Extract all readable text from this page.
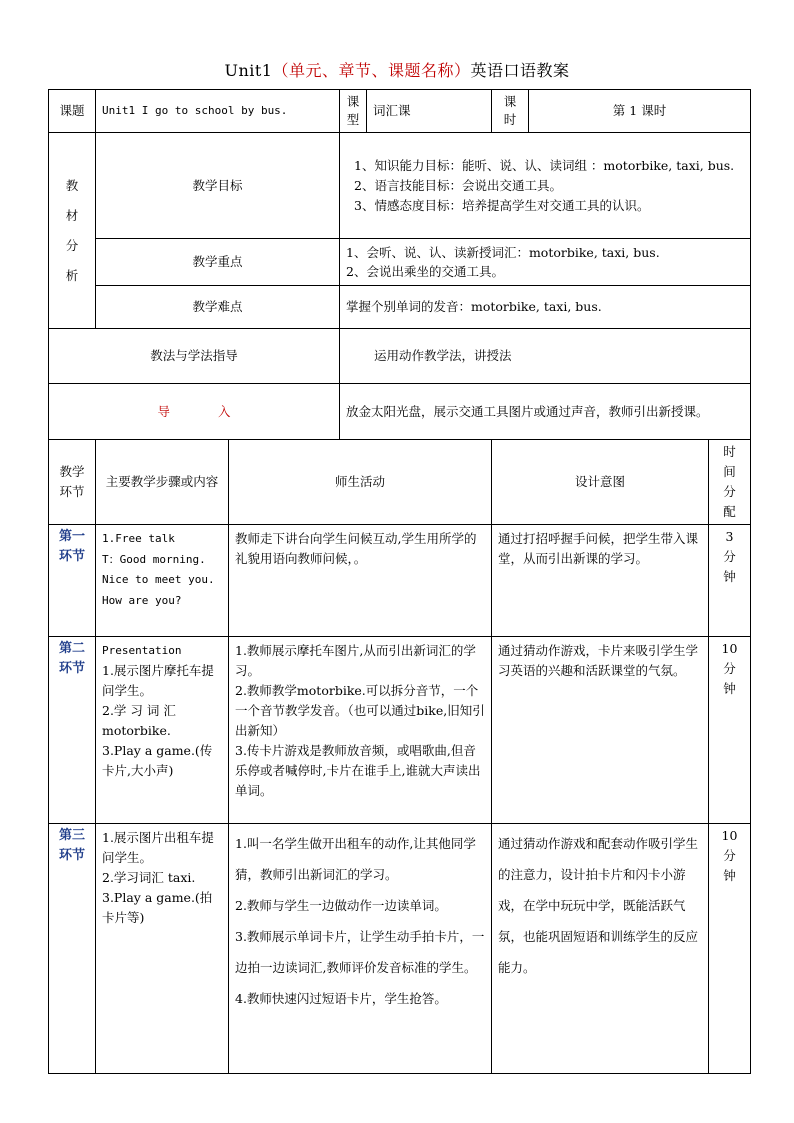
Unit1（单元、章节、课题名称）英语口语教案
课题	Unit1 I go to school by bus.		课型	词汇课	课时	第 1 课时	

教
材
分
析	教学目标		1、知识能力目标：能听、说、认、读词组 ：motorbike, taxi, bus.
2、语言技能目标：会说出交通工具。
3、情感态度目标：培养提高学生对交通工具的认识。				

	教学重点		1、会听、说、认、读新授词汇：motorbike, taxi, bus.
2、会说出乘坐的交通工具。				

	教学难点		掌握个别单词的发音：motorbike, taxi, bus.				
教法与学法指导			运用动作教学法，讲授法				
导 入			放金太阳光盘，展示交通工具图片或通过声音，教师引出新授课。				
教学环节	主要教学步骤或内容	师生活动			设计意图		时
间
分
配

第一
环节	1.Free talk
T：Good morning.
Nice to meet you.
How are you?	教师走下讲台向学生问候互动,学生用所学的礼貌用语向教师问候，。			通过打招呼握手问候，把学生带入课堂，从而引出新课的学习。		3
分
钟

第二
环节	Presentation
1.展示图片摩托车提问学生。
2.学 习 词 汇 motorbike.
3.Play a game.(传卡片,大小声)	1.教师展示摩托车图片,从而引出新词汇的学习。
2.教师教学motorbike.可以拆分音节，一个一个音节教学发音。（也可以通过bike,旧知引出新知）
3.传卡片游戏是教师放音频，或唱歌曲,但音乐停或者喊停时,卡片在谁手上,谁就大声读出单词。			通过猜动作游戏，卡片来吸引学生学习英语的兴趣和活跃课堂的气氛。		10
分
钟

第三
环节	1.展示图片出租车提问学生。
2.学习词汇 taxi.
3.Play a game.(拍卡片等)	1.叫一名学生做开出租车的动作,让其他同学猜，教师引出新词汇的学习。
2.教师与学生一边做动作一边读单词。
3.教师展示单词卡片，让学生动手拍卡片，一边拍一边读词汇,教师评价发音标准的学生。
4.教师快速闪过短语卡片，学生抢答。			通过猜动作游戏和配套动作吸引学生的注意力，设计拍卡片和闪卡小游戏，在学中玩玩中学，既能活跃气氛，也能巩固短语和训练学生的反应能力。		10
分
钟
